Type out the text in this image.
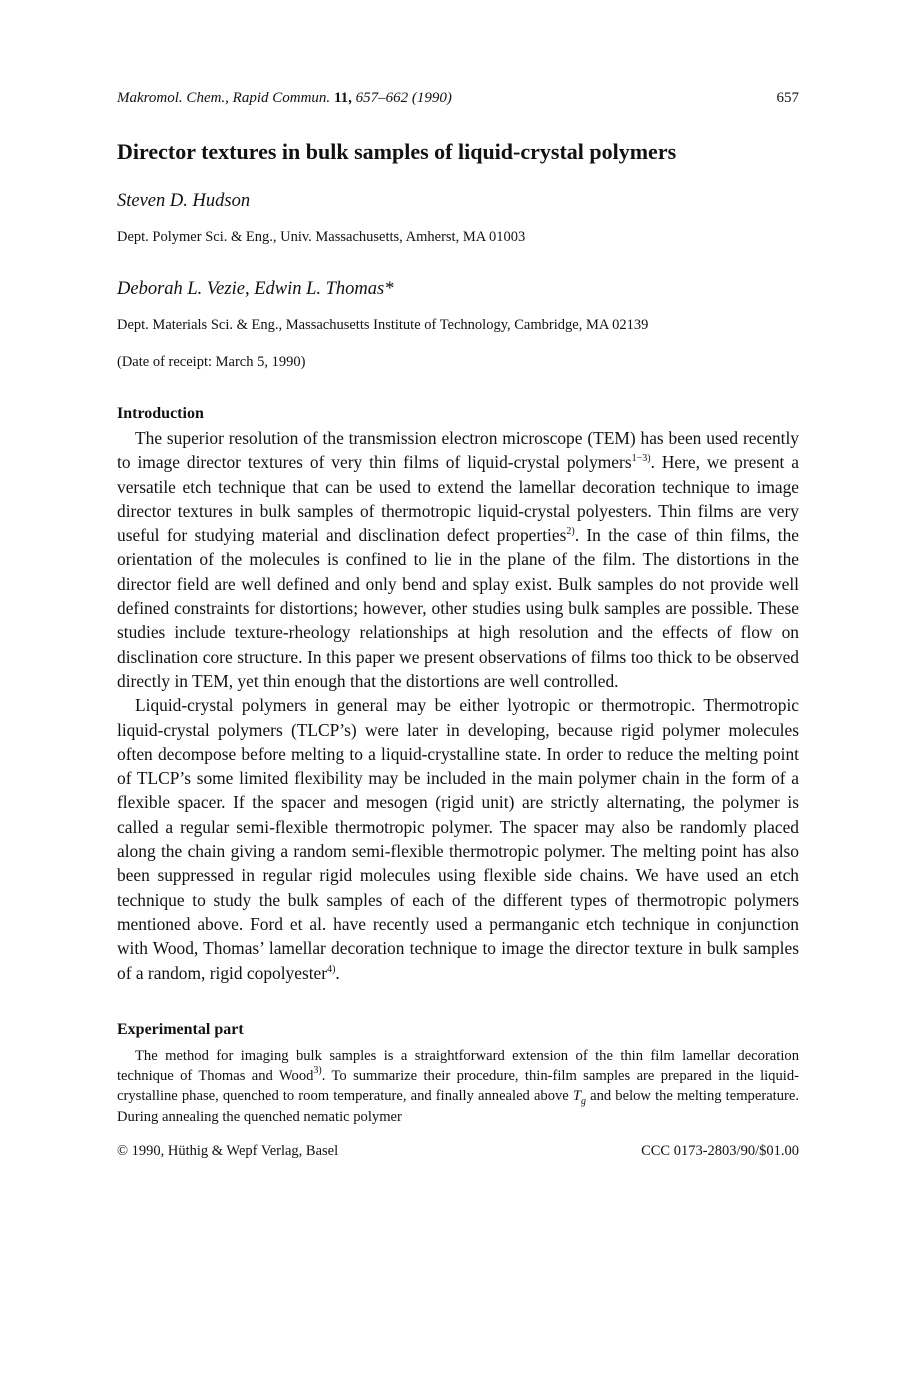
Makromol. Chem., Rapid Commun. 11, 657–662 (1990)	657
Director textures in bulk samples of liquid-crystal polymers
Steven D. Hudson
Dept. Polymer Sci. & Eng., Univ. Massachusetts, Amherst, MA 01003
Deborah L. Vezie, Edwin L. Thomas*
Dept. Materials Sci. & Eng., Massachusetts Institute of Technology, Cambridge, MA 02139
(Date of receipt: March 5, 1990)
Introduction

The superior resolution of the transmission electron microscope (TEM) has been used recently to image director textures of very thin films of liquid-crystal polymers$^{1-3)}$. Here, we present a versatile etch technique that can be used to extend the lamellar decoration technique to image director textures in bulk samples of thermotropic liquid-crystal polyesters. Thin films are very useful for studying material and disclination defect properties$^{2)}$. In the case of thin films, the orientation of the molecules is confined to lie in the plane of the film. The distortions in the director field are well defined and only bend and splay exist. Bulk samples do not provide well defined constraints for distortions; however, other studies using bulk samples are possible. These studies include texture-rheology relationships at high resolution and the effects of flow on disclination core structure. In this paper we present observations of films too thick to be observed directly in TEM, yet thin enough that the distortions are well controlled.

Liquid-crystal polymers in general may be either lyotropic or thermotropic. Thermotropic liquid-crystal polymers (TLCP’s) were later in developing, because rigid polymer molecules often decompose before melting to a liquid-crystalline state. In order to reduce the melting point of TLCP’s some limited flexibility may be included in the main polymer chain in the form of a flexible spacer. If the spacer and mesogen (rigid unit) are strictly alternating, the polymer is called a regular semi-flexible thermotropic polymer. The spacer may also be randomly placed along the chain giving a random semi-flexible thermotropic polymer. The melting point has also been suppressed in regular rigid molecules using flexible side chains. We have used an etch technique to study the bulk samples of each of the different types of thermotropic polymers mentioned above. Ford et al. have recently used a permanganic etch technique in conjunction with Wood, Thomas’ lamellar decoration technique to image the director texture in bulk samples of a random, rigid copolyester$^{4)}$.

Experimental part

The method for imaging bulk samples is a straightforward extension of the thin film lamellar decoration technique of Thomas and Wood$^{3)}$. To summarize their procedure, thin-film samples are prepared in the liquid-crystalline phase, quenched to room temperature, and finally annealed above $T_g$ and below the melting temperature. During annealing the quenched nematic polymer

© 1990, Hüthig & Wepf Verlag, Basel	CCC 0173-2803/90/$01.00
